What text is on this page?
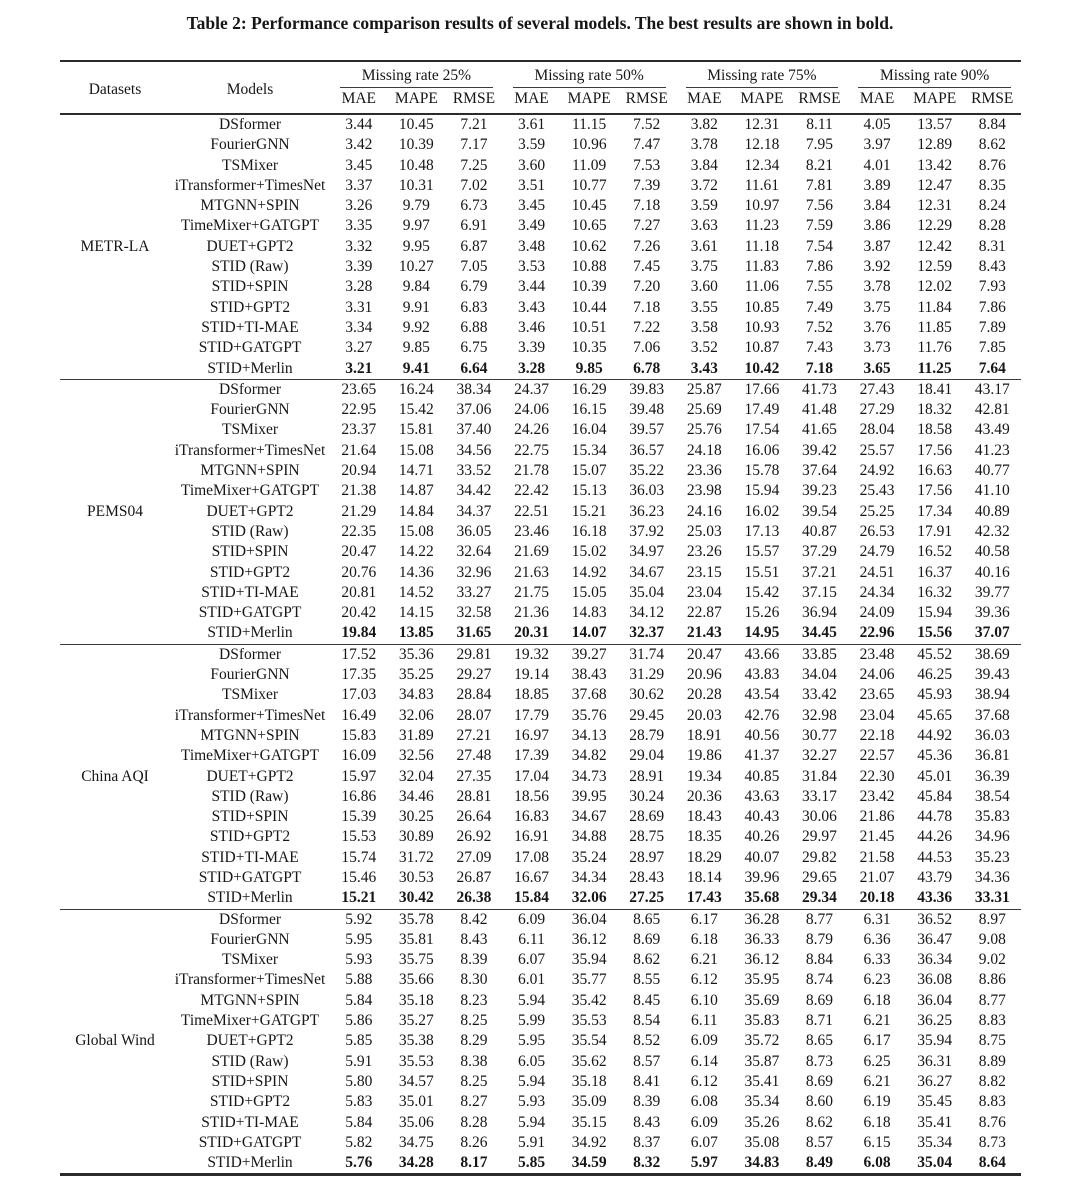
Table 2: Performance comparison results of several models. The best results are shown in bold.
Datasets	Models	Missing rate 25%			Missing rate 50%			Missing rate 75%			Missing rate 90%		

		MAE	MAPE	RMSE	MAE	MAPE	RMSE	MAE	MAPE	RMSE	MAE	MAPE	RMSE
METR-LA	DSformer	3.44	10.45	7.21	3.61	11.15	7.52	3.82	12.31	8.11	4.05	13.57	8.84
	FourierGNN	3.42	10.39	7.17	3.59	10.96	7.47	3.78	12.18	7.95	3.97	12.89	8.62
	TSMixer	3.45	10.48	7.25	3.60	11.09	7.53	3.84	12.34	8.21	4.01	13.42	8.76
	iTransformer+TimesNet	3.37	10.31	7.02	3.51	10.77	7.39	3.72	11.61	7.81	3.89	12.47	8.35
	MTGNN+SPIN	3.26	9.79	6.73	3.45	10.45	7.18	3.59	10.97	7.56	3.84	12.31	8.24
	TimeMixer+GATGPT	3.35	9.97	6.91	3.49	10.65	7.27	3.63	11.23	7.59	3.86	12.29	8.28
	DUET+GPT2	3.32	9.95	6.87	3.48	10.62	7.26	3.61	11.18	7.54	3.87	12.42	8.31
	STID (Raw)	3.39	10.27	7.05	3.53	10.88	7.45	3.75	11.83	7.86	3.92	12.59	8.43
	STID+SPIN	3.28	9.84	6.79	3.44	10.39	7.20	3.60	11.06	7.55	3.78	12.02	7.93
	STID+GPT2	3.31	9.91	6.83	3.43	10.44	7.18	3.55	10.85	7.49	3.75	11.84	7.86
	STID+TI-MAE	3.34	9.92	6.88	3.46	10.51	7.22	3.58	10.93	7.52	3.76	11.85	7.89
	STID+GATGPT	3.27	9.85	6.75	3.39	10.35	7.06	3.52	10.87	7.43	3.73	11.76	7.85
	STID+Merlin	3.21	9.41	6.64	3.28	9.85	6.78	3.43	10.42	7.18	3.65	11.25	7.64
PEMS04	DSformer	23.65	16.24	38.34	24.37	16.29	39.83	25.87	17.66	41.73	27.43	18.41	43.17
	FourierGNN	22.95	15.42	37.06	24.06	16.15	39.48	25.69	17.49	41.48	27.29	18.32	42.81
	TSMixer	23.37	15.81	37.40	24.26	16.04	39.57	25.76	17.54	41.65	28.04	18.58	43.49
	iTransformer+TimesNet	21.64	15.08	34.56	22.75	15.34	36.57	24.18	16.06	39.42	25.57	17.56	41.23
	MTGNN+SPIN	20.94	14.71	33.52	21.78	15.07	35.22	23.36	15.78	37.64	24.92	16.63	40.77
	TimeMixer+GATGPT	21.38	14.87	34.42	22.42	15.13	36.03	23.98	15.94	39.23	25.43	17.56	41.10
	DUET+GPT2	21.29	14.84	34.37	22.51	15.21	36.23	24.16	16.02	39.54	25.25	17.34	40.89
	STID (Raw)	22.35	15.08	36.05	23.46	16.18	37.92	25.03	17.13	40.87	26.53	17.91	42.32
	STID+SPIN	20.47	14.22	32.64	21.69	15.02	34.97	23.26	15.57	37.29	24.79	16.52	40.58
	STID+GPT2	20.76	14.36	32.96	21.63	14.92	34.67	23.15	15.51	37.21	24.51	16.37	40.16
	STID+TI-MAE	20.81	14.52	33.27	21.75	15.05	35.04	23.04	15.42	37.15	24.34	16.32	39.77
	STID+GATGPT	20.42	14.15	32.58	21.36	14.83	34.12	22.87	15.26	36.94	24.09	15.94	39.36
	STID+Merlin	19.84	13.85	31.65	20.31	14.07	32.37	21.43	14.95	34.45	22.96	15.56	37.07
China AQI	DSformer	17.52	35.36	29.81	19.32	39.27	31.74	20.47	43.66	33.85	23.48	45.52	38.69
	FourierGNN	17.35	35.25	29.27	19.14	38.43	31.29	20.96	43.83	34.04	24.06	46.25	39.43
	TSMixer	17.03	34.83	28.84	18.85	37.68	30.62	20.28	43.54	33.42	23.65	45.93	38.94
	iTransformer+TimesNet	16.49	32.06	28.07	17.79	35.76	29.45	20.03	42.76	32.98	23.04	45.65	37.68
	MTGNN+SPIN	15.83	31.89	27.21	16.97	34.13	28.79	18.91	40.56	30.77	22.18	44.92	36.03
	TimeMixer+GATGPT	16.09	32.56	27.48	17.39	34.82	29.04	19.86	41.37	32.27	22.57	45.36	36.81
	DUET+GPT2	15.97	32.04	27.35	17.04	34.73	28.91	19.34	40.85	31.84	22.30	45.01	36.39
	STID (Raw)	16.86	34.46	28.81	18.56	39.95	30.24	20.36	43.63	33.17	23.42	45.84	38.54
	STID+SPIN	15.39	30.25	26.64	16.83	34.67	28.69	18.43	40.43	30.06	21.86	44.78	35.83
	STID+GPT2	15.53	30.89	26.92	16.91	34.88	28.75	18.35	40.26	29.97	21.45	44.26	34.96
	STID+TI-MAE	15.74	31.72	27.09	17.08	35.24	28.97	18.29	40.07	29.82	21.58	44.53	35.23
	STID+GATGPT	15.46	30.53	26.87	16.67	34.34	28.43	18.14	39.96	29.65	21.07	43.79	34.36
	STID+Merlin	15.21	30.42	26.38	15.84	32.06	27.25	17.43	35.68	29.34	20.18	43.36	33.31
Global Wind	DSformer	5.92	35.78	8.42	6.09	36.04	8.65	6.17	36.28	8.77	6.31	36.52	8.97
	FourierGNN	5.95	35.81	8.43	6.11	36.12	8.69	6.18	36.33	8.79	6.36	36.47	9.08
	TSMixer	5.93	35.75	8.39	6.07	35.94	8.62	6.21	36.12	8.84	6.33	36.34	9.02
	iTransformer+TimesNet	5.88	35.66	8.30	6.01	35.77	8.55	6.12	35.95	8.74	6.23	36.08	8.86
	MTGNN+SPIN	5.84	35.18	8.23	5.94	35.42	8.45	6.10	35.69	8.69	6.18	36.04	8.77
	TimeMixer+GATGPT	5.86	35.27	8.25	5.99	35.53	8.54	6.11	35.83	8.71	6.21	36.25	8.83
	DUET+GPT2	5.85	35.38	8.29	5.95	35.54	8.52	6.09	35.72	8.65	6.17	35.94	8.75
	STID (Raw)	5.91	35.53	8.38	6.05	35.62	8.57	6.14	35.87	8.73	6.25	36.31	8.89
	STID+SPIN	5.80	34.57	8.25	5.94	35.18	8.41	6.12	35.41	8.69	6.21	36.27	8.82
	STID+GPT2	5.83	35.01	8.27	5.93	35.09	8.39	6.08	35.34	8.60	6.19	35.45	8.83
	STID+TI-MAE	5.84	35.06	8.28	5.94	35.15	8.43	6.09	35.26	8.62	6.18	35.41	8.76
	STID+GATGPT	5.82	34.75	8.26	5.91	34.92	8.37	6.07	35.08	8.57	6.15	35.34	8.73
	STID+Merlin	5.76	34.28	8.17	5.85	34.59	8.32	5.97	34.83	8.49	6.08	35.04	8.64
